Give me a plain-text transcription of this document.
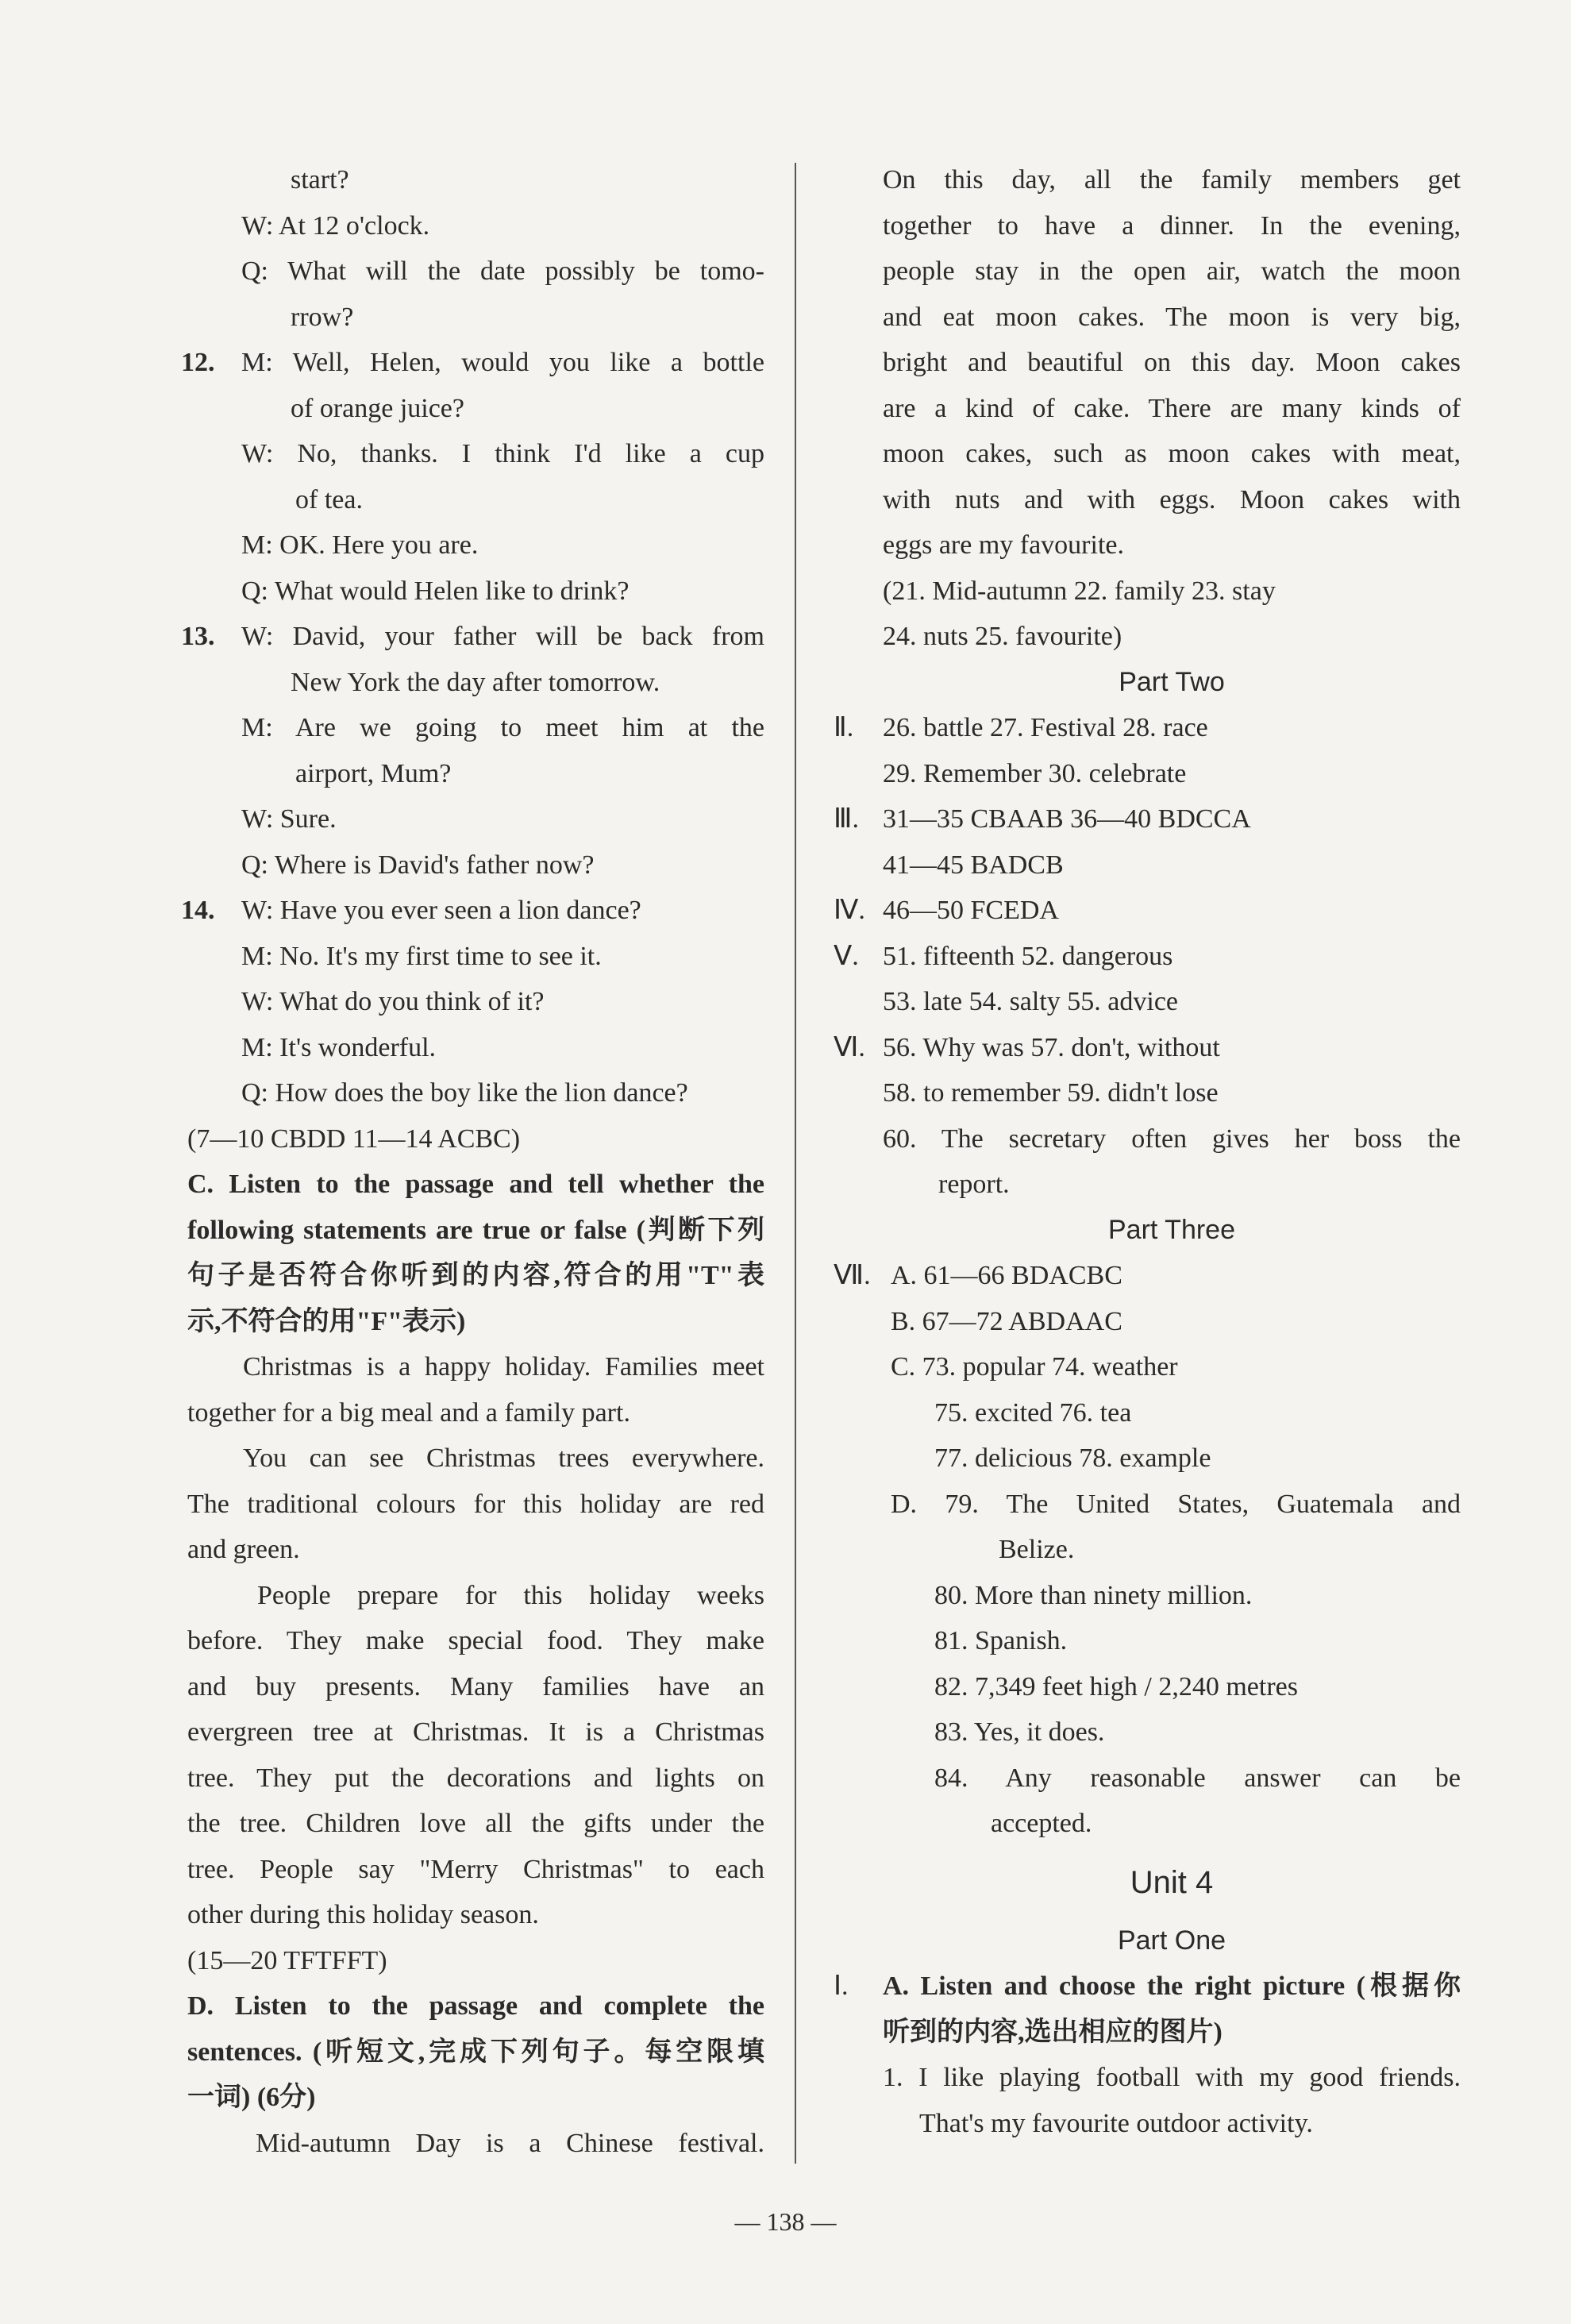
start?
W: At 12 o'clock.
Q: What will the date possibly be tomo-
rrow?
12. M: Well, Helen, would you like a bottle
of orange juice?
W: No, thanks. I think I'd like a cup
of tea.
M: OK. Here you are.
Q: What would Helen like to drink?
13. W: David, your father will be back from
New York the day after tomorrow.
M: Are we going to meet him at the
airport, Mum?
W: Sure.
Q: Where is David's father now?
14. W: Have you ever seen a lion dance?
M: No. It's my first time to see it.
W: What do you think of it?
M: It's wonderful.
Q: How does the boy like the lion dance?
(7—10 CBDD 11—14 ACBC)
C. Listen to the passage and tell whether the
following statements are true or false (判断下列
句子是否符合你听到的内容,符合的用"T"表
示,不符合的用"F"表示)
Christmas is a happy holiday. Families meet
together for a big meal and a family part.
You can see Christmas trees everywhere.
The traditional colours for this holiday are red
and green.
People prepare for this holiday weeks
before. They make special food. They make
and buy presents. Many families have an
evergreen tree at Christmas. It is a Christmas
tree. They put the decorations and lights on
the tree. Children love all the gifts under the
tree. People say "Merry Christmas" to each
other during this holiday season.
(15—20 TFTFFT)
D. Listen to the passage and complete the
sentences. (听短文,完成下列句子。每空限填
一词) (6分)
Mid-autumn Day is a Chinese festival.
On this day, all the family members get
together to have a dinner. In the evening,
people stay in the open air, watch the moon
and eat moon cakes. The moon is very big,
bright and beautiful on this day. Moon cakes
are a kind of cake. There are many kinds of
moon cakes, such as moon cakes with meat,
with nuts and with eggs. Moon cakes with
eggs are my favourite.
(21. Mid-autumn 22. family 23. stay
24. nuts 25. favourite)
Part Two
Ⅱ. 26. battle 27. Festival 28. race
29. Remember 30. celebrate
Ⅲ. 31—35 CBAAB 36—40 BDCCA
41—45 BADCB
Ⅳ. 46—50 FCEDA
Ⅴ. 51. fifteenth 52. dangerous
53. late 54. salty 55. advice
Ⅵ. 56. Why was 57. don't, without
58. to remember 59. didn't lose
60. The secretary often gives her boss the
report.
Part Three
Ⅶ. A. 61—66 BDACBC
B. 67—72 ABDAAC
C. 73. popular 74. weather
75. excited 76. tea
77. delicious 78. example
D. 79. The United States, Guatemala and
Belize.
80. More than ninety million.
81. Spanish.
82. 7,349 feet high / 2,240 metres
83. Yes, it does.
84. Any reasonable answer can be
accepted.
Unit 4
Part One
Ⅰ. A. Listen and choose the right picture (根据你
听到的内容,选出相应的图片)
1. I like playing football with my good friends.
That's my favourite outdoor activity.
— 138 —
